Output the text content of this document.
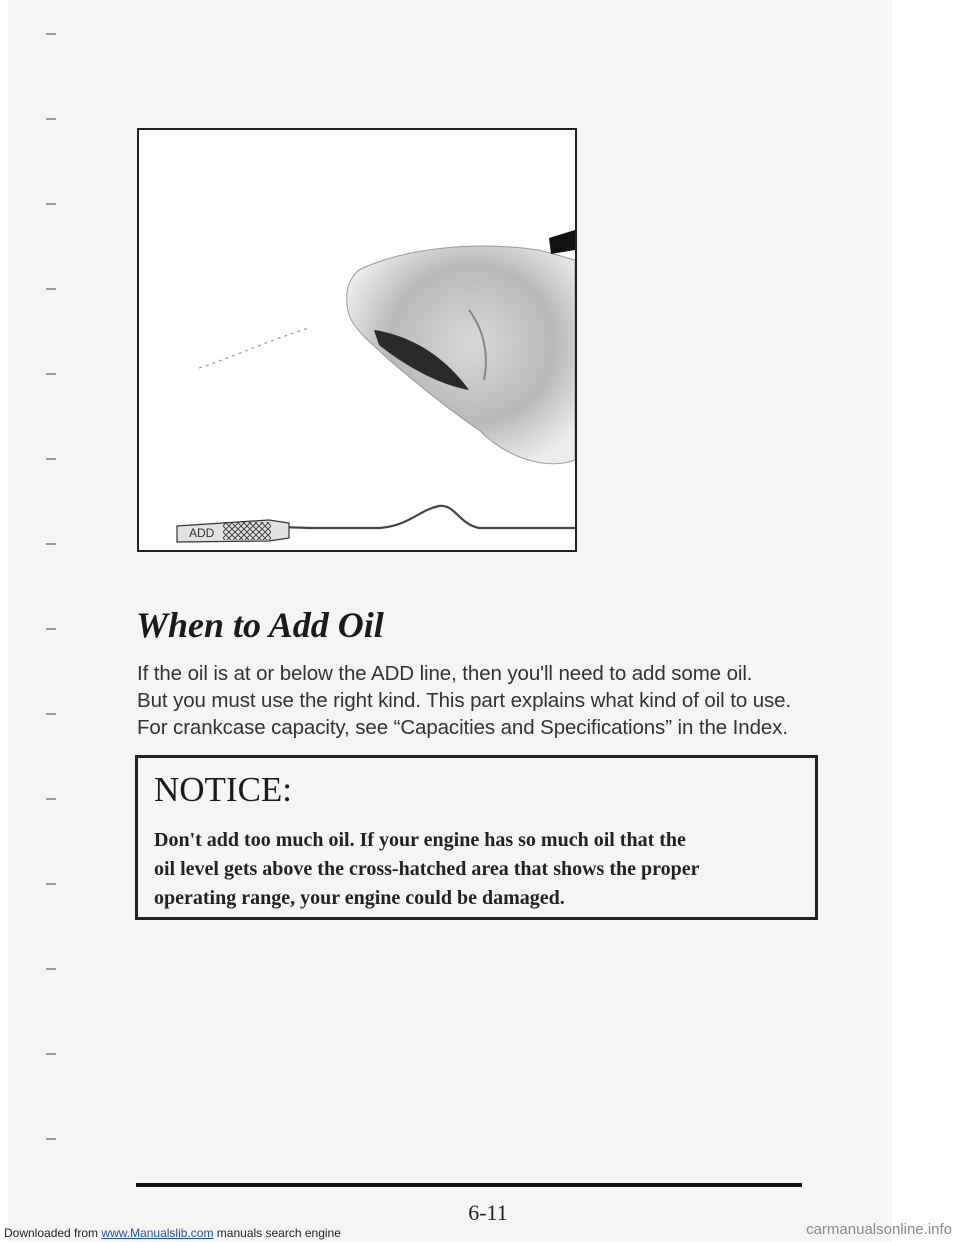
ADD
When to Add Oil

If the oil is at or below the ADD line, then you'll need to add some oil.

But you must use the right kind. This part explains what kind of oil to use.

For crankcase capacity, see “Capacities and Specifications” in the Index.

NOTICE:

Don't add too much oil. If your engine has so much oil that the

oil level gets above the cross-hatched area that shows the proper

operating range, your engine could be damaged.

6-11
Downloaded from www.Manualslib.com manuals search engine	carmanualsonline.info
